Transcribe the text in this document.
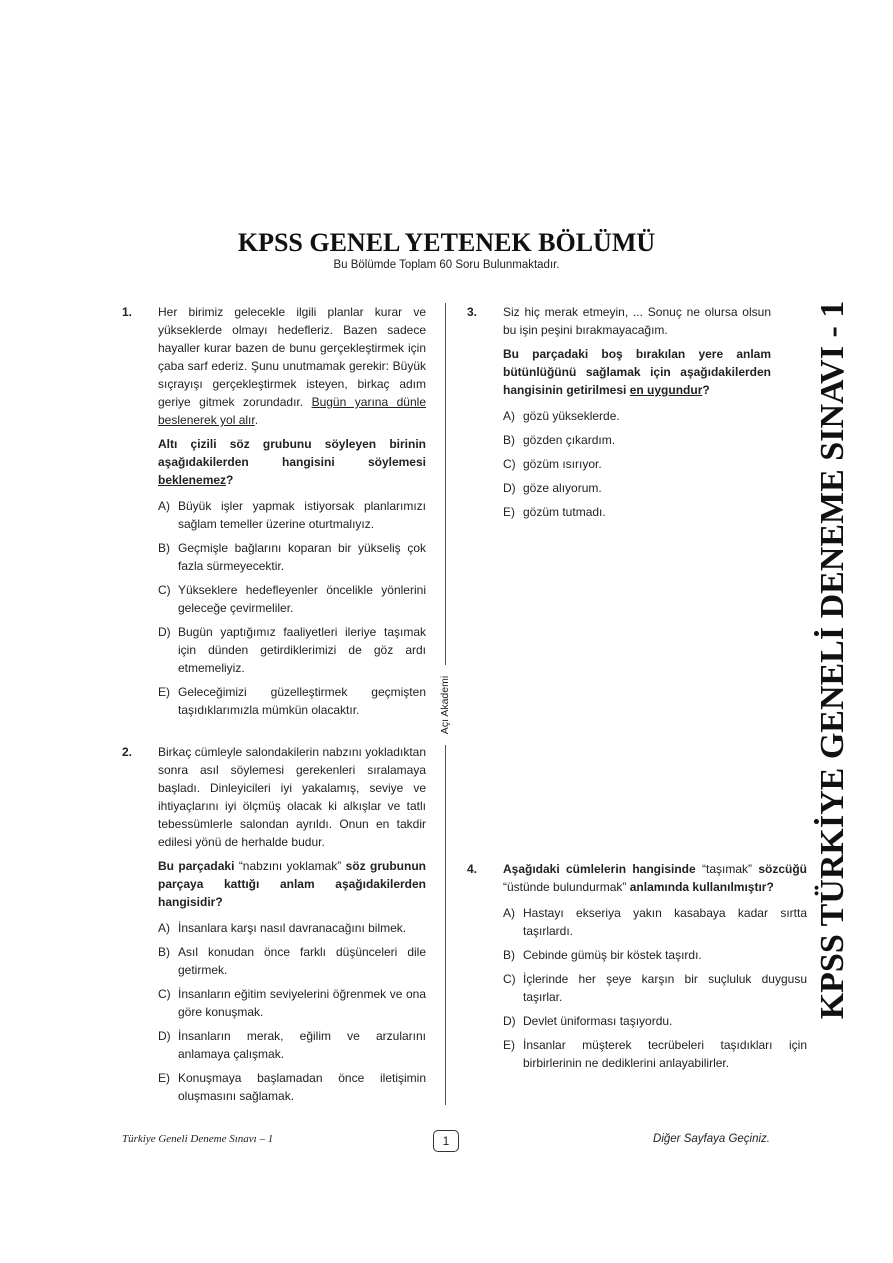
KPSS GENEL YETENEK BÖLÜMÜ
Bu Bölümde Toplam 60 Soru Bulunmaktadır.
1. Her birimiz gelecekle ilgili planlar kurar ve yükseklerde olmayı hedefleriz. Bazen sadece hayaller kurar bazen de bunu gerçekleştirmek için çaba sarf ederiz. Şunu unutmamak gerekir: Büyük sıçrayışı gerçekleştirmek isteyen, birkaç adım geriye gitmek zorundadır. Bugün yarına dünle beslenerek yol alır.

Altı çizili söz grubunu söyleyen birinin aşağıdakilerden hangisini söylemesi beklenemez?

A) Büyük işler yapmak istiyorsak planlarımızı sağlam temeller üzerine oturtmalıyız.
B) Geçmişle bağlarını koparan bir yükseliş çok fazla sürmeyecektir.
C) Yükseklere hedefleyenler öncelikle yönlerini geleceğe çevirmeliler.
D) Bugün yaptığımız faaliyetleri ileriye taşımak için dünden getirdiklerimizi de göz ardı etmemeliyiz.
E) Geleceğimizi güzelleştirmek geçmişten taşıdıklarımızla mümkün olacaktır.
2. Birkaç cümleyle salondakilerin nabzını yokladıktan sonra asıl söylemesi gerekenleri sıralamaya başladı. Dinleyicileri iyi yakalamış, seviye ve ihtiyaçlarını iyi ölçmüş olacak ki alkışlar ve tatlı tebessümlerle salondan ayrıldı. Onun en takdir edilesi yönü de herhalde budur.

Bu parçadaki “nabzını yoklamak” söz grubunun parçaya kattığı anlam aşağıdakilerden hangisidir?

A) İnsanlara karşı nasıl davranacağını bilmek.
B) Asıl konudan önce farklı düşünceleri dile getirmek.
C) İnsanların eğitim seviyelerini öğrenmek ve ona göre konuşmak.
D) İnsanların merak, eğilim ve arzularını anlamaya çalışmak.
E) Konuşmaya başlamadan önce iletişimin oluşmasını sağlamak.
Açı Akademi
3. Siz hiç merak etmeyin, ... Sonuç ne olursa olsun bu işin peşini bırakmayacağım.

Bu parçadaki boş bırakılan yere anlam bütünlüğünü sağlamak için aşağıdakilerden hangisinin getirilmesi en uygundur?

A) gözü yükseklerde.
B) gözden çıkardım.
C) gözüm ısırıyor.
D) göze alıyorum.
E) gözüm tutmadı.
4. Aşağıdaki cümlelerin hangisinde “taşımak” sözcüğü “üstünde bulundurmak” anlamında kullanılmıştır?

A) Hastayı ekseriya yakın kasabaya kadar sırtta taşırlardı.
B) Cebinde gümüş bir köstek taşırdı.
C) İçlerinde her şeye karşın bir suçluluk duygusu taşırlar.
D) Devlet üniforması taşıyordu.
E) İnsanlar müşterek tecrübeleri taşıdıkları için birbirlerinin ne dediklerini anlayabilirler.
KPSS TÜRKİYE GENELİ DENEME SINAVI - 1
Türkiye Geneli Deneme Sınavı – 1	1	Diğer Sayfaya Geçiniz.
